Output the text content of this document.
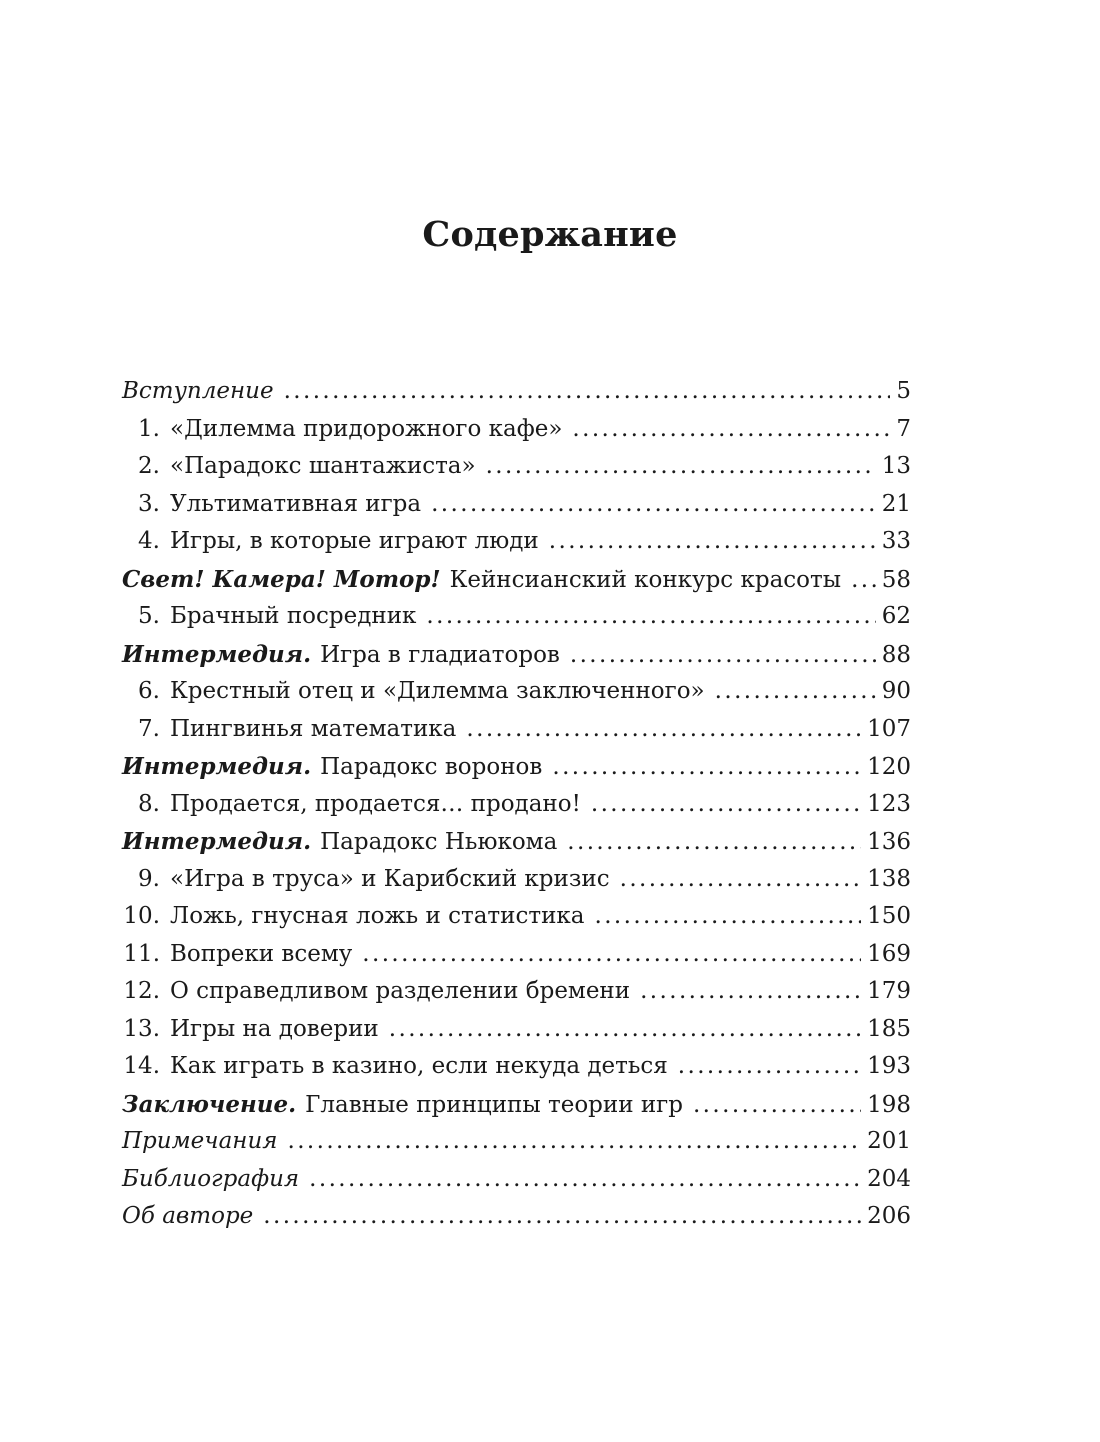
Содержание
Вступление .....	5
1. «Дилемма придорожного кафе» .....	7
2. «Парадокс шантажиста» .....	13
3. Ультимативная игра .....	21
4. Игры, в которые играют люди .....	33
Свет! Камера! Мотор! Кейнсианский конкурс красоты ..... 58
5. Брачный посредник .....	62
Интермедия. Игра в гладиаторов .....	88
6. Крестный отец и «Дилемма заключенного» .....	90
7. Пингвинья математика .....	107
Интермедия. Парадокс воронов .....	120
8. Продается, продается… продано! .....	123
Интермедия. Парадокс Ньюкома .....	136
9. «Игра в труса» и Карибский кризис .....	138
10. Ложь, гнусная ложь и статистика .....	150
11. Вопреки всему .....	169
12. О справедливом разделении бремени .....	179
13. Игры на доверии .....	185
14. Как играть в казино, если некуда деться .....	193
Заключение. Главные принципы теории игр .....	198
Примечания .....	201
Библиография .....	204
Об авторе .....	206
